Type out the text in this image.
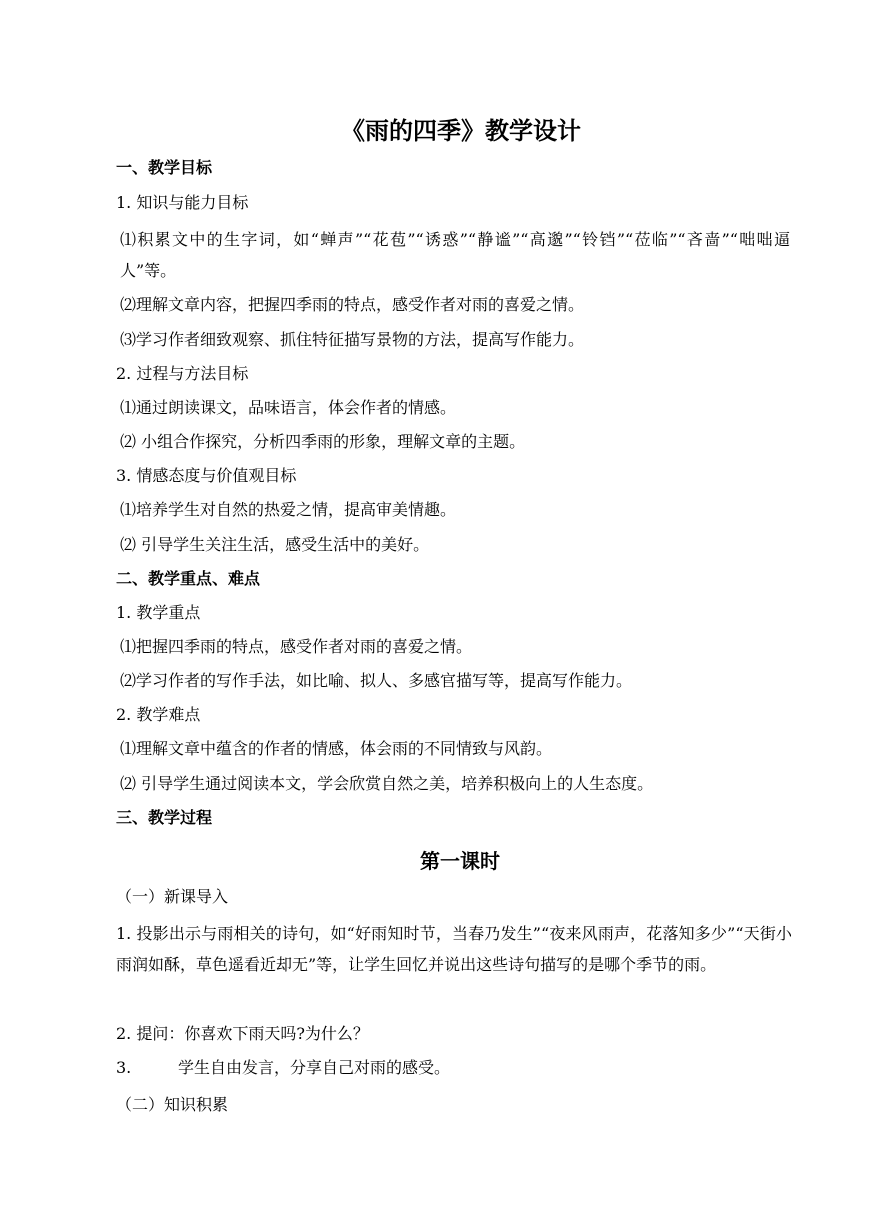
《雨的四季》教学设计
一、教学目标
1. 知识与能力目标
⑴积累文中的生字词，如“蝉声”“花苞”“诱惑”“静谧”“高邈”“铃铛”“莅临”“吝啬”“咄咄逼人”等。
⑵理解文章内容，把握四季雨的特点，感受作者对雨的喜爱之情。
⑶学习作者细致观察、抓住特征描写景物的方法，提高写作能力。
2. 过程与方法目标
⑴通过朗读课文，品味语言，体会作者的情感。
⑵ 小组合作探究，分析四季雨的形象，理解文章的主题。
3. 情感态度与价值观目标
⑴培养学生对自然的热爱之情，提高审美情趣。
⑵ 引导学生关注生活，感受生活中的美好。
二、教学重点、难点
1. 教学重点
⑴把握四季雨的特点，感受作者对雨的喜爱之情。
⑵学习作者的写作手法，如比喻、拟人、多感官描写等，提高写作能力。
2. 教学难点
⑴理解文章中蕴含的作者的情感，体会雨的不同情致与风韵。
⑵ 引导学生通过阅读本文，学会欣赏自然之美，培养积极向上的人生态度。
三、教学过程
第一课时
（一）新课导入
1. 投影出示与雨相关的诗句，如“好雨知时节，当春乃发生”“夜来风雨声，花落知多少”“天街小雨润如酥，草色遥看近却无”等，让学生回忆并说出这些诗句描写的是哪个季节的雨。
2. 提问：你喜欢下雨天吗?为什么？
3.	学生自由发言，分享自己对雨的感受。
（二）知识积累
